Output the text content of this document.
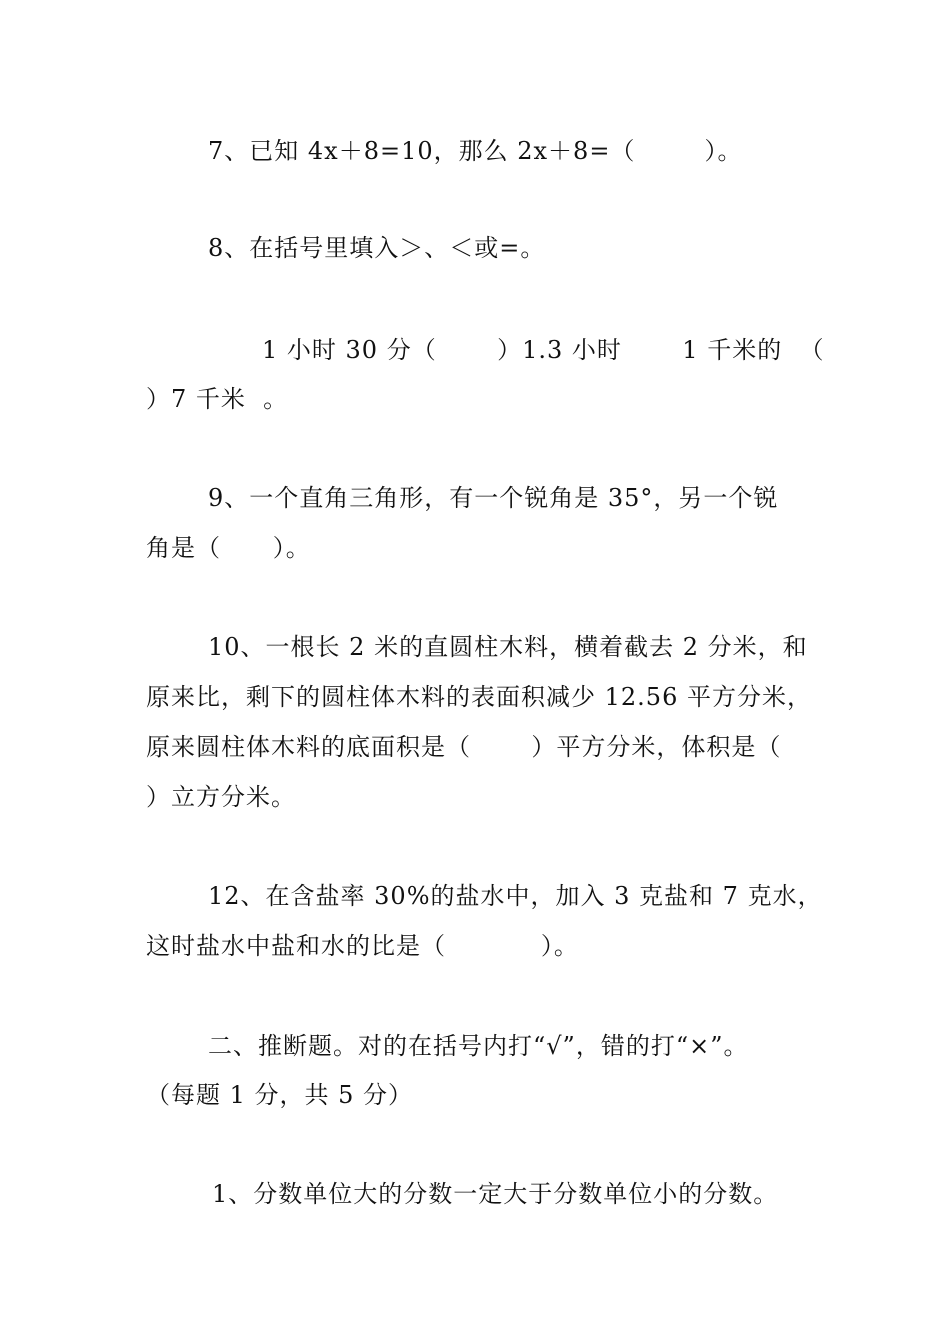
7、已知 4x＋8=10，那么 2x＋8=（        ）。
8、在括号里填入＞、＜或=。
1 小时 30 分（       ）1.3 小时       1 千米的  （
）7 千米  。
9、一个直角三角形，有一个锐角是 35°，另一个锐
角是（      ）。
10、一根长 2 米的直圆柱木料，横着截去 2 分米，和
原来比，剩下的圆柱体木料的表面积减少 12.56 平方分米，
原来圆柱体木料的底面积是（       ）平方分米，体积是（
）立方分米。
12、在含盐率 30%的盐水中，加入 3 克盐和 7 克水，
这时盐水中盐和水的比是（           ）。
二、推断题。对的在括号内打“√”，错的打“×”。
（每题 1 分，共 5 分）
1、分数单位大的分数一定大于分数单位小的分数。
